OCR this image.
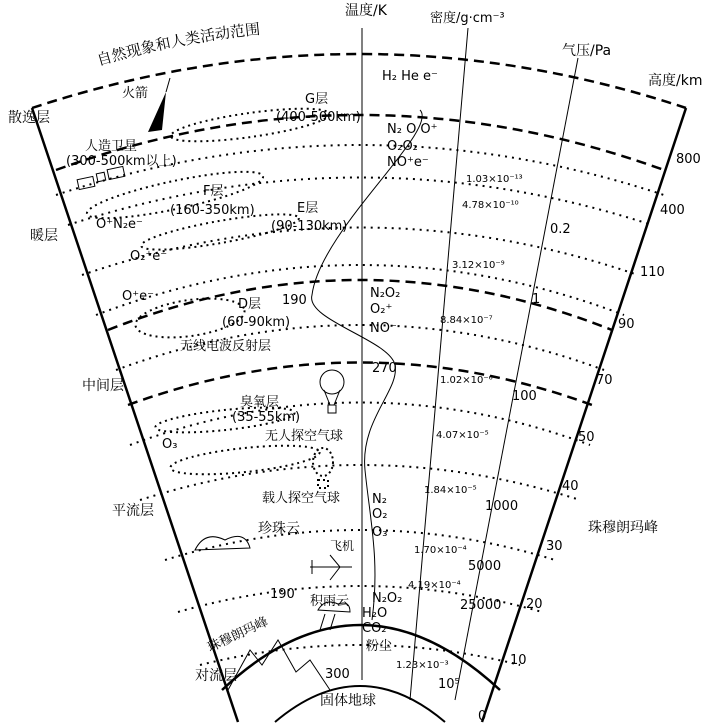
自然现象和人类活动范围
温度/K	密度/g·cm⁻³
气压/Pa
高度/km
散逸层
暖层
中间层
平流层
对流层
G层
(400-500km)
F层
(160-350km)	E层
(90-130km)
D层
(60-90km)
无线电波反射层
火箭
人造卫星
(300-500km以上)
臭氧层
(35-55km)
无人探空气球
载人探空气球
珍珠云
飞机
积雨云
粉尘
珠穆朗玛峰
珠穆朗玛峰
固体地球
H₂ He e⁻
N₂ O O⁺
O₂O₂
NO⁺e⁻
O⁺N₂e⁻
O₂⁺e⁻
O⁺e⁻	N₂O₂
O₂⁺
NO⁻
O₃
N₂
O₂
O₃
N₂O₂
H₂O
CO₂
190
270
190
300
1.03×10⁻¹³
4.78×10⁻¹⁰
3.12×10⁻⁹
8.84×10⁻⁷
1.02×10⁻⁶
4.07×10⁻⁵
1.84×10⁻⁵
1.70×10⁻⁴
4.19×10⁻⁴
1.23×10⁻³
0.2
1
100
1000
5000
25000
10⁵
800
400
110
90
70
50
40
30
20
10
0
